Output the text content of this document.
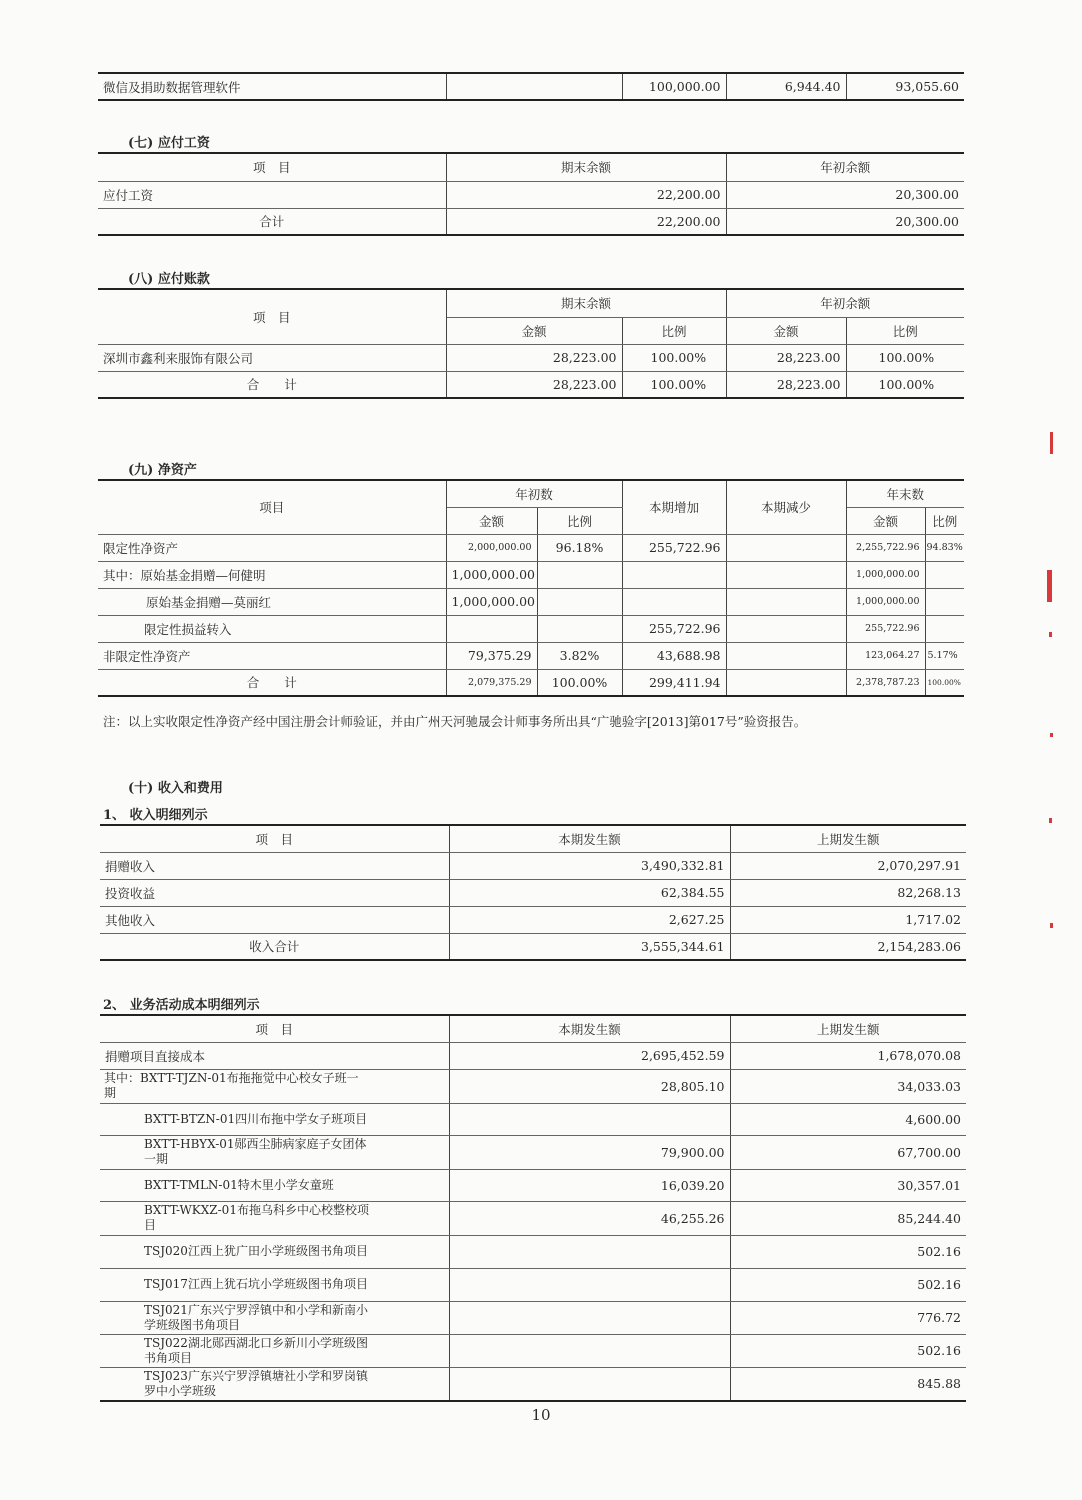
微信及捐助数据管理软件		100,000.00	6,944.40	93,055.60
(七) 应付工资
项　目	期末余额	年初余额
应付工资	22,200.00	20,300.00
合计	22,200.00	20,300.00
(八) 应付账款
项　目	期末余额		年初余额	
	金额	比例	金额	比例
深圳市鑫利来服饰有限公司	28,223.00	100.00%	28,223.00	100.00%
合　　计	28,223.00	100.00%	28,223.00	100.00%
(九) 净资产
项目	年初数		本期增加	本期减少	年末数	
	金额	比例			金额	比例
限定性净资产	2,000,000.00	96.18%	255,722.96		2,255,722.96	94.83%
其中：原始基金捐赠—何健明	1,000,000.00				1,000,000.00	
原始基金捐赠—莫丽红	1,000,000.00				1,000,000.00	
限定性损益转入			255,722.96		255,722.96	
非限定性净资产	79,375.29	3.82%	43,688.98		123,064.27	5.17%
合　　计	2,079,375.29	100.00%	299,411.94		2,378,787.23	100.00%
注：以上实收限定性净资产经中国注册会计师验证，并由广州天河驰晟会计师事务所出具“广驰验字[2013]第017号”验资报告。
(十) 收入和费用
1、 收入明细列示
项　目	本期发生额	上期发生额
捐赠收入	3,490,332.81	2,070,297.91
投资收益	62,384.55	82,268.13
其他收入	2,627.25	1,717.02
收入合计	3,555,344.61	2,154,283.06
2、 业务活动成本明细列示
项　目	本期发生额	上期发生额
捐赠项目直接成本	2,695,452.59	1,678,070.08
其中：BXTT-TJZN-01布拖拖觉中心校女子班一期	28,805.10	34,033.03
BXTT-BTZN-01四川布拖中学女子班项目		4,600.00
BXTT-HBYX-01郧西尘肺病家庭子女团体一期	79,900.00	67,700.00
BXTT-TMLN-01特木里小学女童班	16,039.20	30,357.01
BXTT-WKXZ-01布拖乌科乡中心校整校项目	46,255.26	85,244.40
TSJ020江西上犹广田小学班级图书角项目		502.16
TSJ017江西上犹石坑小学班级图书角项目		502.16
TSJ021广东兴宁罗浮镇中和小学和新南小学班级图书角项目		776.72
TSJ022湖北郧西湖北口乡新川小学班级图书角项目		502.16
TSJ023广东兴宁罗浮镇塘社小学和罗岗镇罗中小学班级		845.88
10
